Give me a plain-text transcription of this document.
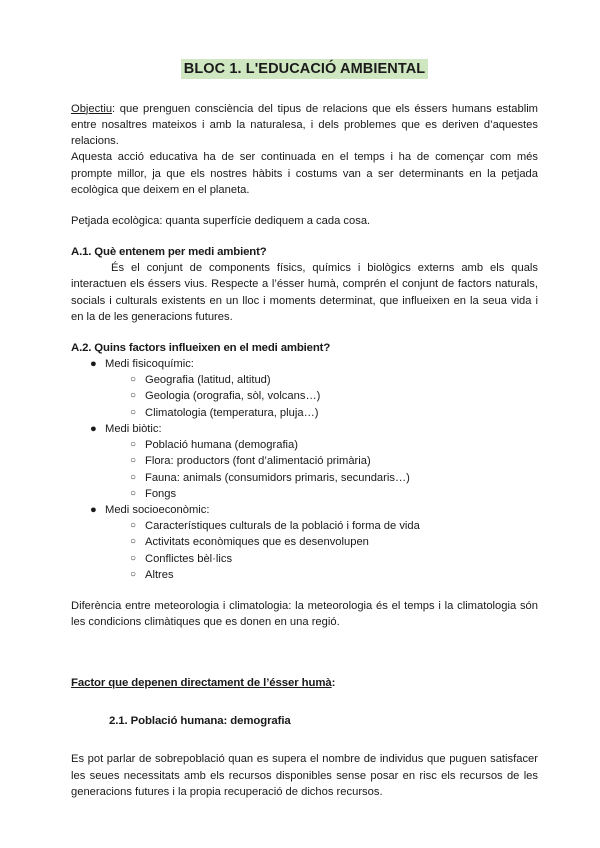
BLOC 1. L'EDUCACIÓ AMBIENTAL

Objectiu: que prenguen consciència del tipus de relacions que els éssers humans establim entre nosaltres mateixos i amb la naturalesa, i dels problemes que es deriven d’aquestes relacions.

Aquesta acció educativa ha de ser continuada en el temps i ha de començar com més prompte millor, ja que els nostres hàbits i costums van a ser determinants en la petjada ecològica que deixem en el planeta.

Petjada ecològica: quanta superfície dediquem a cada cosa.

A.1. Què entenem per medi ambient?

És el conjunt de components físics, químics i biològics externs amb els quals interactuen els éssers vius. Respecte a l’ésser humà, comprén el conjunt de factors naturals, socials i culturals existents en un lloc i moments determinat, que influeixen en la seua vida i en la de les generacions futures.

A.2. Quins factors influeixen en el medi ambient?
● Medi fisicoquímic:
○ Geografia (latitud, altitud)
○ Geologia (orografia, sòl, volcans…)
○ Climatologia (temperatura, pluja…)
● Medi biòtic:
○ Població humana (demografia)
○ Flora: productors (font d’alimentació primària)
○ Fauna: animals (consumidors primaris, secundaris…)
○ Fongs
● Medi socioeconòmic:
○ Característiques culturals de la població i forma de vida
○ Activitats econòmiques que es desenvolupen
○ Conflictes bèl·lics
○ Altres

Diferència entre meteorologia i climatologia: la meteorologia és el temps i la climatologia són les condicions climàtiques que es donen en una regió.

Factor que depenen directament de l’ésser humà:
2.1. Població humana: demografia

Es pot parlar de sobrepoblació quan es supera el nombre de individus que puguen satisfacer les seues necessitats amb els recursos disponibles sense posar en risc els recursos de les generacions futures i la propia recuperació de dichos recursos.
